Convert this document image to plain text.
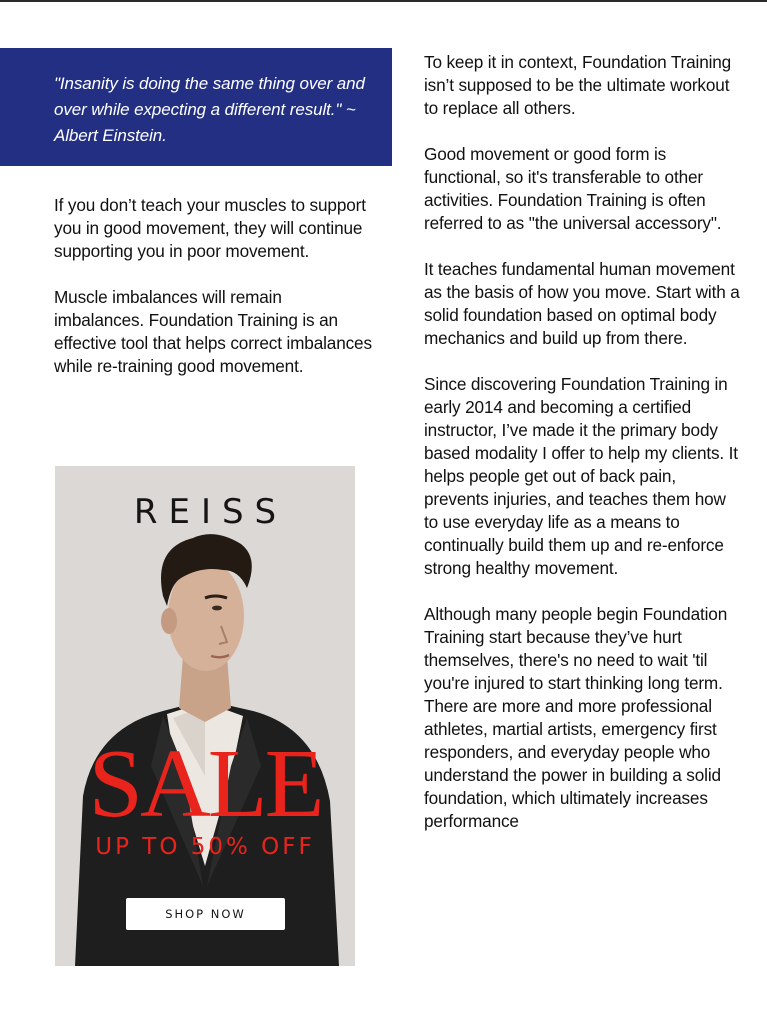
"Insanity is doing the same thing over and over while expecting a different result." ~ Albert Einstein.

If you don’t teach your muscles to support you in good movement, they will continue supporting you in poor movement.

Muscle imbalances will remain imbalances. Foundation Training is an effective tool that helps correct imbalances while re-training good movement.

To keep it in context, Foundation Training isn’t supposed to be the ultimate workout to replace all others.

Good movement or good form is functional, so it's transferable to other activities. Foundation Training is often referred to as "the universal accessory".

It teaches fundamental human movement as the basis of how you move. Start with a solid foundation based on optimal body mechanics and build up from there.

Since discovering Foundation Training in early 2014 and becoming a certified instructor, I’ve made it the primary body based modality I offer to help my clients. It helps people get out of back pain, prevents injuries, and teaches them how to use everyday life as a means to continually build them up and re-enforce strong healthy movement.

Although many people begin Foundation Training start because they’ve hurt themselves, there's no need to wait 'til you're injured to start thinking long term. There are more and more professional athletes, martial artists, emergency first responders, and everyday people who understand the power in building a solid foundation, which ultimately increases performance

REISS
SALE
UP TO 50% OFF
SHOP NOW
